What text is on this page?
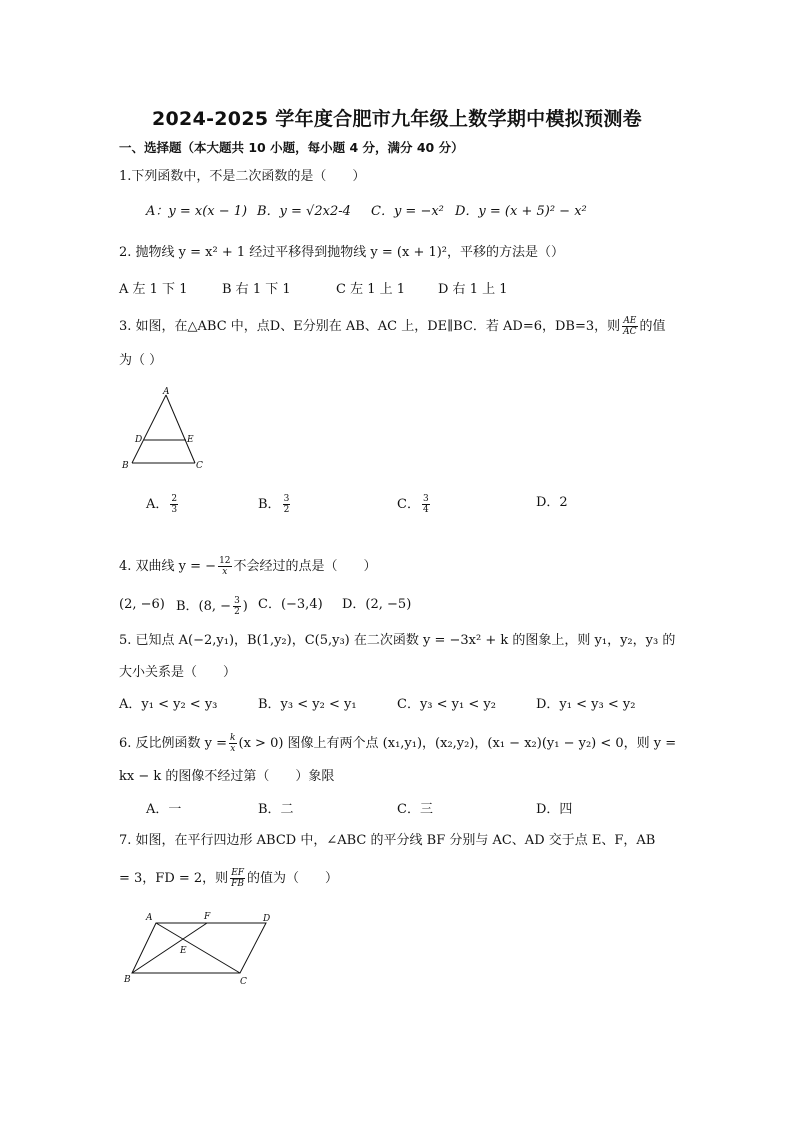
2024-2025 学年度合肥市九年级上数学期中模拟预测卷
一、选择题（本大题共 10 小题，每小题 4 分，满分 40 分）
1.下列函数中，不是二次函数的是（　　）
A：y = x(x − 1) B．y = √2x2-4 C．y = −x² D．y = (x + 5)² − x²
2. 抛物线 y = x² + 1 经过平移得到抛物线 y = (x + 1)²，平移的方法是（）
A 左 1 下 1	B 右 1 下 1	C 左 1 上 1	D 右 1 上 1
3. 如图，在△ABC 中，点D、E分别在 AB、AC 上，DE∥BC．若 AD=6，DB=3，则 $\frac{AE}{AC}$ 的值
为（ ）
A
D	E
B	C
A． $\frac{2}{3}$	B． $\frac{3}{2}$	C． $\frac{3}{4}$	D．2
4. 双曲线 y = − $\frac{12}{x}$ 不会经过的点是（　　）
(2, −6) B．(8, − $\frac{3}{2}$ ) C．(−3,4) D．(2, −5)
5. 已知点 A(−2,y₁)，B(1,y₂)，C(5,y₃) 在二次函数 y = −3x² + k 的图象上，则 y₁，y₂，y₃ 的
大小关系是（　　）
A．y₁ < y₂ < y₃	B．y₃ < y₂ < y₁	C．y₃ < y₁ < y₂	D．y₁ < y₃ < y₂
6. 反比例函数 $y = \frac{k}{x} (x > 0)$ 图像上有两个点 (x₁,y₁)，(x₂,y₂)，(x₁ − x₂)(y₁ − y₂) < 0，则 y =
kx − k 的图像不经过第（　　）象限
A．一	B．二	C．三	D．四
7. 如图，在平行四边形 ABCD 中，∠ABC 的平分线 BF 分别与 AC、AD 交于点 E、F，AB
= 3，FD = 2，则 $\frac{EF}{FB}$ 的值为（　　）
A	F	D
E
B	C
